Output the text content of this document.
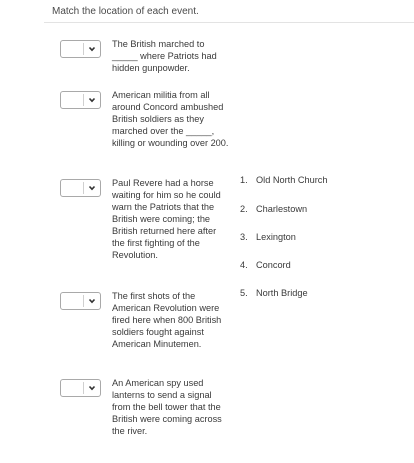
Match the location of each event.
The British marched to _____ where Patriots had hidden gunpowder.
American militia from all around Concord ambushed British soldiers as they marched over the _____, killing or wounding over 200.
Paul Revere had a horse waiting for him so he could warn the Patriots that the British were coming; the British returned here after the first fighting of the Revolution.
The first shots of the American Revolution were fired here when 800 British soldiers fought against American Minutemen.
An American spy used lanterns to send a signal from the bell tower that the British were coming across the river.
1. Old North Church
2. Charlestown
3. Lexington
4. Concord
5. North Bridge
